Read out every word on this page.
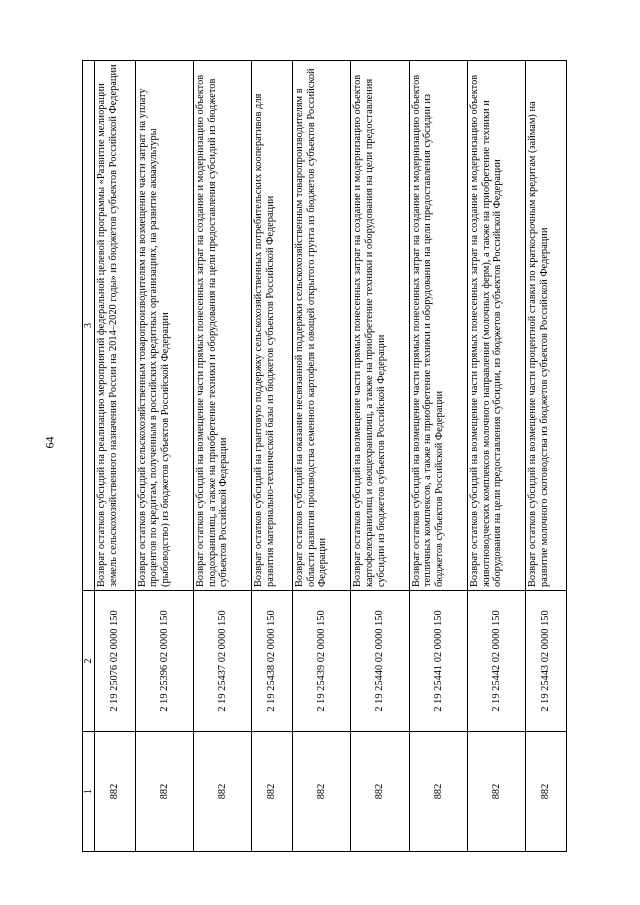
64
1	2	3
882	2 19 25076 02 0000 150	Возврат остатков субсидий на реализацию мероприятий федеральной целевой программы «Развитие мелиорации земель сельскохозяйственного назначения России на 2014–2020 годы» из бюджетов субъектов Российской Федерации
882	2 19 25396 02 0000 150	Возврат остатков субсидий сельскохозяйственным товаропроизводителям на возмещение части затрат на уплату процентов по кредитам, полученным в российских кредитных организациях, на развитие аквакультуры (рыбоводство) из бюджетов субъектов Российской Федерации
882	2 19 25437 02 0000 150	Возврат остатков субсидий на возмещение части прямых понесенных затрат на создание и модернизацию объектов плодохранилищ, а также на приобретение техники и оборудования на цели предоставления субсидий из бюджетов субъектов Российской Федерации
882	2 19 25438 02 0000 150	Возврат остатков субсидий на грантовую поддержку сельскохозяйственных потребительских кооперативов для развития материально-технической базы из бюджетов субъектов Российской Федерации
882	2 19 25439 02 0000 150	Возврат остатков субсидий на оказание несвязанной поддержки сельскохозяйственным товаропроизводителям в области развития производства семенного картофеля и овощей открытого грунта из бюджетов субъектов Российской Федерации
882	2 19 25440 02 0000 150	Возврат остатков субсидий на возмещение части прямых понесенных затрат на создание и модернизацию объектов картофелехранилищ и овощехранилищ, а также на приобретение техники и оборудования на цели предоставления субсидии из бюджетов субъектов Российской Федерации
882	2 19 25441 02 0000 150	Возврат остатков субсидий на возмещение части прямых понесенных затрат на создание и модернизацию объектов тепличных комплексов, а также на приобретение техники и оборудования на цели предоставления субсидии из бюджетов субъектов Российской Федерации
882	2 19 25442 02 0000 150	Возврат остатков субсидий на возмещение части прямых понесенных затрат на создание и модернизацию объектов животноводческих комплексов молочного направления (молочных ферм), а также на приобретение техники и оборудования на цели предоставления субсидии, из бюджетов субъектов Российской Федерации
882	2 19 25443 02 0000 150	Возврат остатков субсидий на возмещение части процентной ставки по краткосрочным кредитам (займам) на развитие молочного скотоводства из бюджетов субъектов Российской Федерации
